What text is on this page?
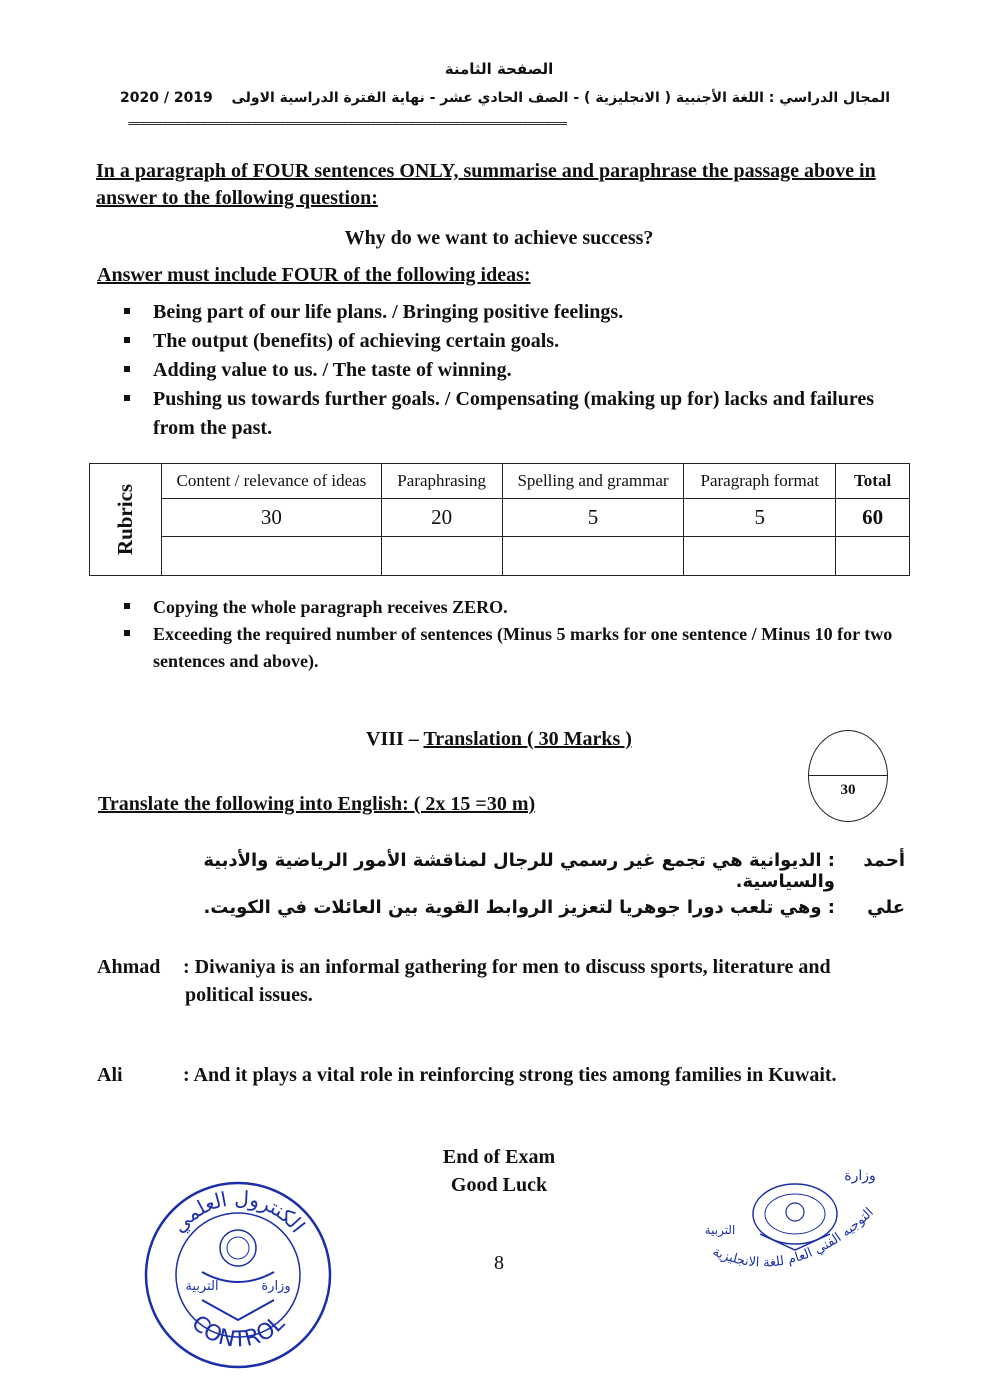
الصفحة الثامنة
المجال الدراسي : اللغة الأجنبية ( الانجليزية ) - الصف الحادي عشر - نهاية الفترة الدراسية الاولى
2020 / 2019
==============================================================================
In a paragraph of FOUR sentences ONLY, summarise and paraphrase the passage above in answer to the following question:
Why do we want to achieve success?
Answer must include FOUR of the following ideas:
Being part of our life plans. / Bringing positive feelings.
The output (benefits) of achieving certain goals.
Adding value to us. / The taste of winning.
Pushing us towards further goals. / Compensating (making up for) lacks and failures from the past.
Rubrics	Content / relevance of ideas	Paraphrasing	Spelling and grammar	Paragraph format	Total
	30	20	5	5	60

Copying the whole paragraph receives ZERO.
Exceeding the required number of sentences (Minus 5 marks for one sentence / Minus 10 for two sentences and above).
VIII – Translation ( 30 Marks )
30
Translate the following into English: ( 2x 15 =30 m)
أحمد
: الديوانية هي تجمع غير رسمي للرجال لمناقشة الأمور الرياضية والأدبية والسياسية.
علي
: وهي تلعب دورا جوهريا لتعزيز الروابط القوية بين العائلات في الكويت.
Ahmad : Diwaniya is an informal gathering for men to discuss sports, literature and
political issues.
Ali	: And it plays a vital role in reinforcing strong ties among families in Kuwait.
End of Exam
Good Luck
8
الكنترول العلمي
التربية	وزارة
CONTROL
وزارة
التربية
التوجيه الفني العام للغة الانجليزية
